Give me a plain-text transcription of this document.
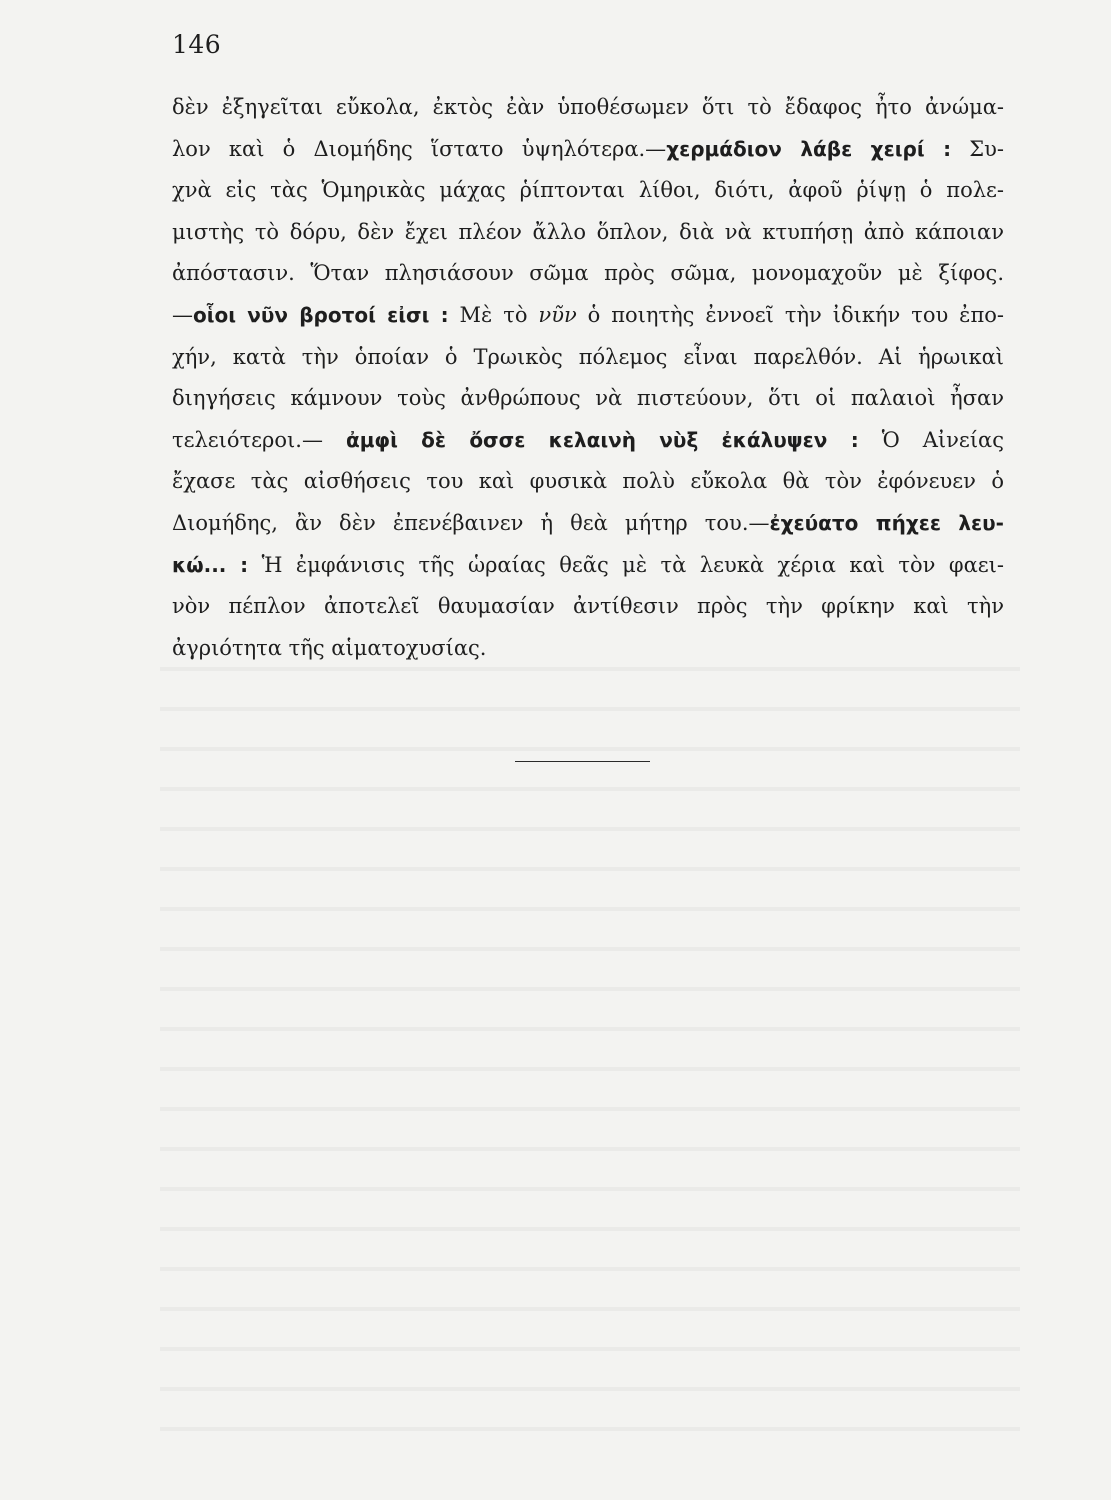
146
δὲν ἐξηγεῖται εὔκολα, ἐκτὸς ἐὰν ὑποθέσωμεν ὅτι τὸ ἔδαφος ἦτο ἀνώμα-
λον καὶ ὁ Διομήδης ἵστατο ὑψηλότερα.—χερμάδιον λάβε χειρί : Συ-
χνὰ εἰς τὰς Ὁμηρικὰς μάχας ῥίπτονται λίθοι, διότι, ἀφοῦ ῥίψῃ ὁ πολε-
μιστὴς τὸ δόρυ, δὲν ἔχει πλέον ἄλλο ὅπλον, διὰ νὰ κτυπήσῃ ἀπὸ κάποιαν
ἀπόστασιν. Ὅταν πλησιάσουν σῶμα πρὸς σῶμα, μονομαχοῦν μὲ ξίφος.
—οἷοι νῦν βροτοί εἰσι : Μὲ τὸ νῦν ὁ ποιητὴς ἐννοεῖ τὴν ἰδικήν του ἐπο-
χήν, κατὰ τὴν ὁποίαν ὁ Τρωικὸς πόλεμος εἶναι παρελθόν. Αἱ ἡρωικαὶ
διηγήσεις κάμνουν τοὺς ἀνθρώπους νὰ πιστεύουν, ὅτι οἱ παλαιοὶ ἦσαν
τελειότεροι.— ἀμφὶ δὲ ὄσσε κελαινὴ νὺξ ἐκάλυψεν : Ὁ Αἰνείας
ἔχασε τὰς αἰσθήσεις του καὶ φυσικὰ πολὺ εὔκολα θὰ τὸν ἐφόνευεν ὁ
Διομήδης, ἂν δὲν ἐπενέβαινεν ἡ θεὰ μήτηρ του.—ἐχεύατο πήχεε λευ-
κώ... : Ἡ ἐμφάνισις τῆς ὡραίας θεᾶς μὲ τὰ λευκὰ χέρια καὶ τὸν φαει-
νὸν πέπλον ἀποτελεῖ θαυμασίαν ἀντίθεσιν πρὸς τὴν φρίκην καὶ τὴν
ἀγριότητα τῆς αἱματοχυσίας.
